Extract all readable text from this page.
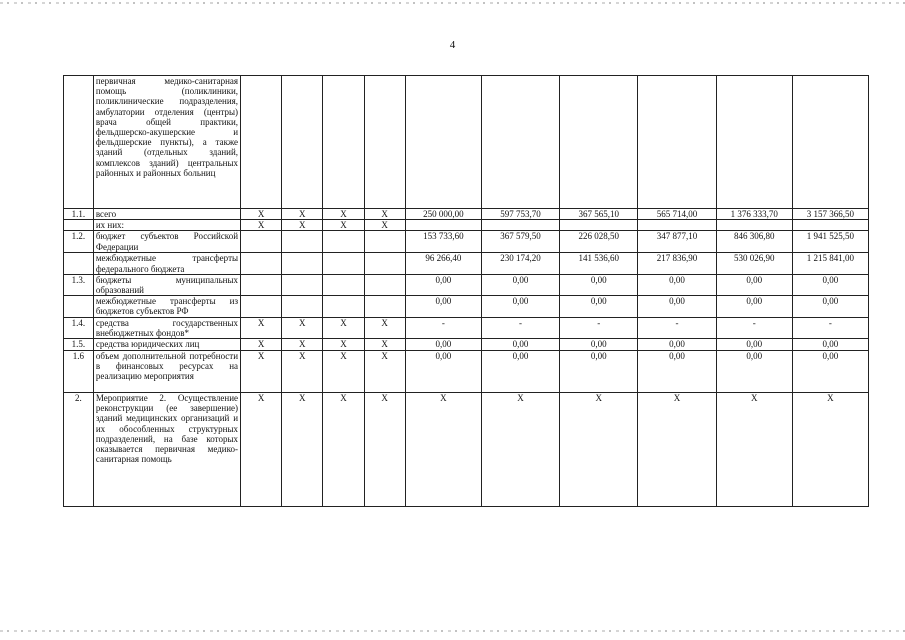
4
	первичная медико-санитарная помощь (поликлиники, поликлинические подразделения, амбулатории отделения (центры) врача общей практики, фельдшерско-акушерские и фельдшерские пункты), а также зданий (отдельных зданий, комплексов зданий) центральных районных и районных больниц										
1.1.	всего	Х	Х	Х	Х	250 000,00	597 753,70	367 565,10	565 714,00	1 376 333,70	3 157 366,50
	их них:	Х	Х	Х	Х						
1.2.	бюджет субъектов Российской Федерации					153 733,60	367 579,50	226 028,50	347 877,10	846 306,80	1 941 525,50
	межбюджетные трансферты федерального бюджета					96 266,40	230 174,20	141 536,60	217 836,90	530 026,90	1 215 841,00
1.3.	бюджеты муниципальных образований					0,00	0,00	0,00	0,00	0,00	0,00
	межбюджетные трансферты из бюджетов субъектов РФ					0,00	0,00	0,00	0,00	0,00	0,00
1.4.	средства государственных внебюджетных фондов*	Х	Х	Х	Х	-	-	-	-	-	-
1.5.	средства юридических лиц	Х	Х	Х	Х	0,00	0,00	0,00	0,00	0,00	0,00
1.6	объем дополнительной потребности в финансовых ресурсах на реализацию мероприятия	Х	Х	Х	Х	0,00	0,00	0,00	0,00	0,00	0,00
2.	Мероприятие 2. Осуществление реконструкции (ее завершение) зданий медицинских организаций и их обособленных структурных подразделений, на базе которых оказывается первичная медико-санитарная помощь	Х	Х	Х	Х	Х	Х	Х	Х	Х	Х
